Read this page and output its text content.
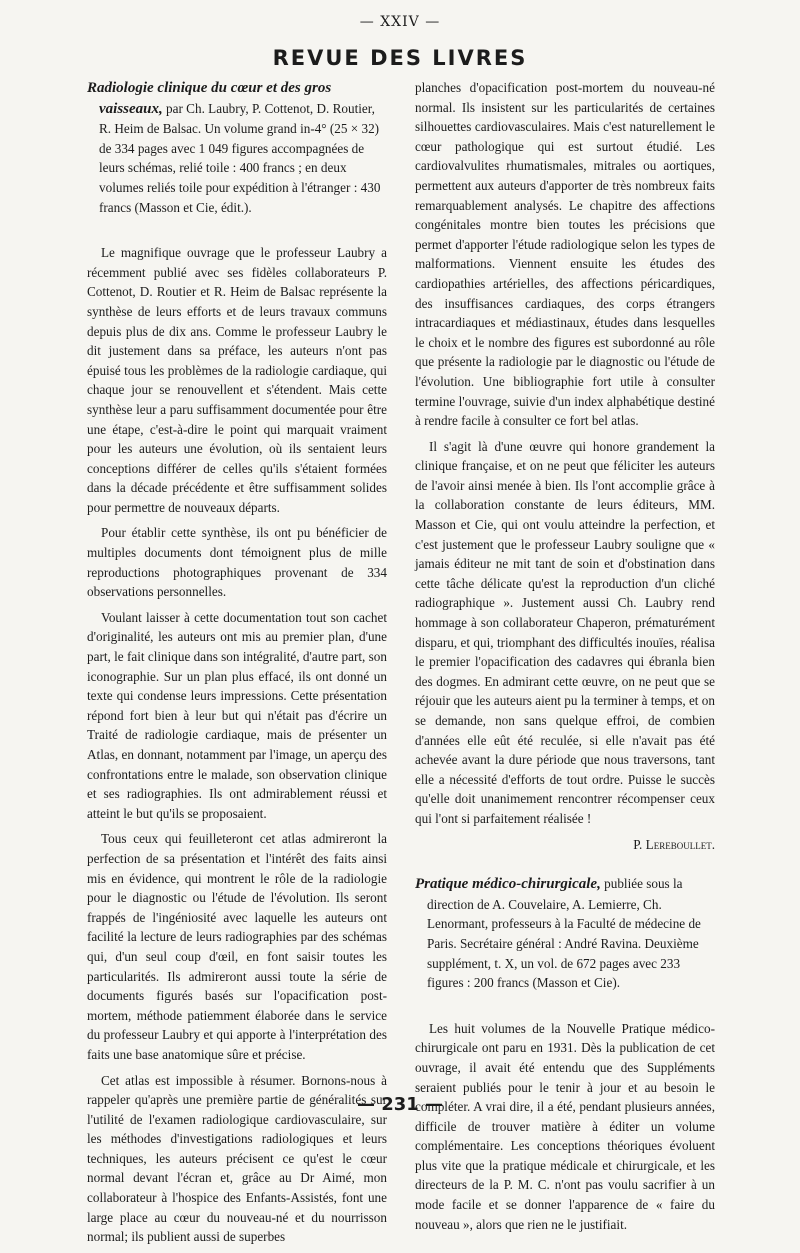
— XXIV —
REVUE DES LIVRES

Radiologie clinique du cœur et des gros vaisseaux, par Ch. Laubry, P. Cottenot, D. Routier, R. Heim de Balsac. Un volume grand in-4° (25 × 32) de 334 pages avec 1 049 figures accompagnées de leurs schémas, relié toile : 400 francs ; en deux volumes reliés toile pour expédition à l'étranger : 430 francs (Masson et Cie, édit.).

Le magnifique ouvrage que le professeur Laubry a récemment publié avec ses fidèles collaborateurs P. Cottenot, D. Routier et R. Heim de Balsac représente la synthèse de leurs efforts et de leurs travaux communs depuis plus de dix ans. Comme le professeur Laubry le dit justement dans sa préface, les auteurs n'ont pas épuisé tous les problèmes de la radiologie cardiaque, qui chaque jour se renouvellent et s'étendent. Mais cette synthèse leur a paru suffisamment documentée pour être une étape, c'est-à-dire le point qui marquait vraiment pour les auteurs une évolution, où ils sentaient leurs conceptions différer de celles qu'ils s'étaient formées dans la décade précédente et être suffisamment solides pour permettre de nouveaux départs.

Pour établir cette synthèse, ils ont pu bénéficier de multiples documents dont témoignent plus de mille reproductions photographiques provenant de 334 observations personnelles.

Voulant laisser à cette documentation tout son cachet d'originalité, les auteurs ont mis au premier plan, d'une part, le fait clinique dans son intégralité, d'autre part, son iconographie. Sur un plan plus effacé, ils ont donné un texte qui condense leurs impressions. Cette présentation répond fort bien à leur but qui n'était pas d'écrire un Traité de radiologie cardiaque, mais de présenter un Atlas, en donnant, notamment par l'image, un aperçu des confrontations entre le malade, son observation clinique et ses radiographies. Ils ont admirablement réussi et atteint le but qu'ils se proposaient.

Tous ceux qui feuilleteront cet atlas admireront la perfection de sa présentation et l'intérêt des faits ainsi mis en évidence, qui montrent le rôle de la radiologie pour le diagnostic ou l'étude de l'évolution. Ils seront frappés de l'ingéniosité avec laquelle les auteurs ont facilité la lecture de leurs radiographies par des schémas qui, d'un seul coup d'œil, en font saisir toutes les particularités. Ils admireront aussi toute la série de documents figurés basés sur l'opacification post-mortem, méthode patiemment élaborée dans le service du professeur Laubry et qui apporte à l'interprétation des faits une base anatomique sûre et précise.

Cet atlas est impossible à résumer. Bornons-nous à rappeler qu'après une première partie de généralités sur l'utilité de l'examen radiologique cardiovasculaire, sur les méthodes d'investigations radiologiques et leurs techniques, les auteurs précisent ce qu'est le cœur normal devant l'écran et, grâce au Dr Aimé, mon collaborateur à l'hospice des Enfants-Assistés, font une large place au cœur du nouveau-né et du nourrisson normal; ils publient aussi de superbes

planches d'opacification post-mortem du nouveau-né normal. Ils insistent sur les particularités de certaines silhouettes cardiovasculaires. Mais c'est naturellement le cœur pathologique qui est surtout étudié. Les cardiovalvulites rhumatismales, mitrales ou aortiques, permettent aux auteurs d'apporter de très nombreux faits remarquablement analysés. Le chapitre des affections congénitales montre bien toutes les précisions que permet d'apporter l'étude radiologique selon les types de malformations. Viennent ensuite les études des cardiopathies artérielles, des affections péricardiques, des insuffisances cardiaques, des corps étrangers intracardiaques et médiastinaux, études dans lesquelles le choix et le nombre des figures est subordonné au rôle que présente la radiologie par le diagnostic ou l'étude de l'évolution. Une bibliographie fort utile à consulter termine l'ouvrage, suivie d'un index alphabétique destiné à rendre facile à consulter ce fort bel atlas.

Il s'agit là d'une œuvre qui honore grandement la clinique française, et on ne peut que féliciter les auteurs de l'avoir ainsi menée à bien. Ils l'ont accomplie grâce à la collaboration constante de leurs éditeurs, MM. Masson et Cie, qui ont voulu atteindre la perfection, et c'est justement que le professeur Laubry souligne que « jamais éditeur ne mit tant de soin et d'obstination dans cette tâche délicate qu'est la reproduction d'un cliché radiographique ». Justement aussi Ch. Laubry rend hommage à son collaborateur Chaperon, prématurément disparu, et qui, triomphant des difficultés inouïes, réalisa le premier l'opacification des cadavres qui ébranla bien des dogmes. En admirant cette œuvre, on ne peut que se réjouir que les auteurs aient pu la terminer à temps, et on se demande, non sans quelque effroi, de combien d'années elle eût été reculée, si elle n'avait pas été achevée avant la dure période que nous traversons, tant elle a nécessité d'efforts de tout ordre. Puisse le succès qu'elle doit unanimement rencontrer récompenser ceux qui l'ont si parfaitement réalisée !

P. Lereboullet.

Pratique médico-chirurgicale, publiée sous la direction de A. Couvelaire, A. Lemierre, Ch. Lenormant, professeurs à la Faculté de médecine de Paris. Secrétaire général : André Ravina. Deuxième supplément, t. X, un vol. de 672 pages avec 233 figures : 200 francs (Masson et Cie).

Les huit volumes de la Nouvelle Pratique médico-chirurgicale ont paru en 1931. Dès la publication de cet ouvrage, il avait été entendu que des Suppléments seraient publiés pour le tenir à jour et au besoin le compléter. A vrai dire, il a été, pendant plusieurs années, difficile de trouver matière à éditer un volume complémentaire. Les conceptions théoriques évoluent plus vite que la pratique médicale et chirurgicale, et les directeurs de la P. M. C. n'ont pas voulu sacrifier à un mode facile et se donner l'apparence de « faire du nouveau », alors que rien ne le justifiait.

— 231 —
